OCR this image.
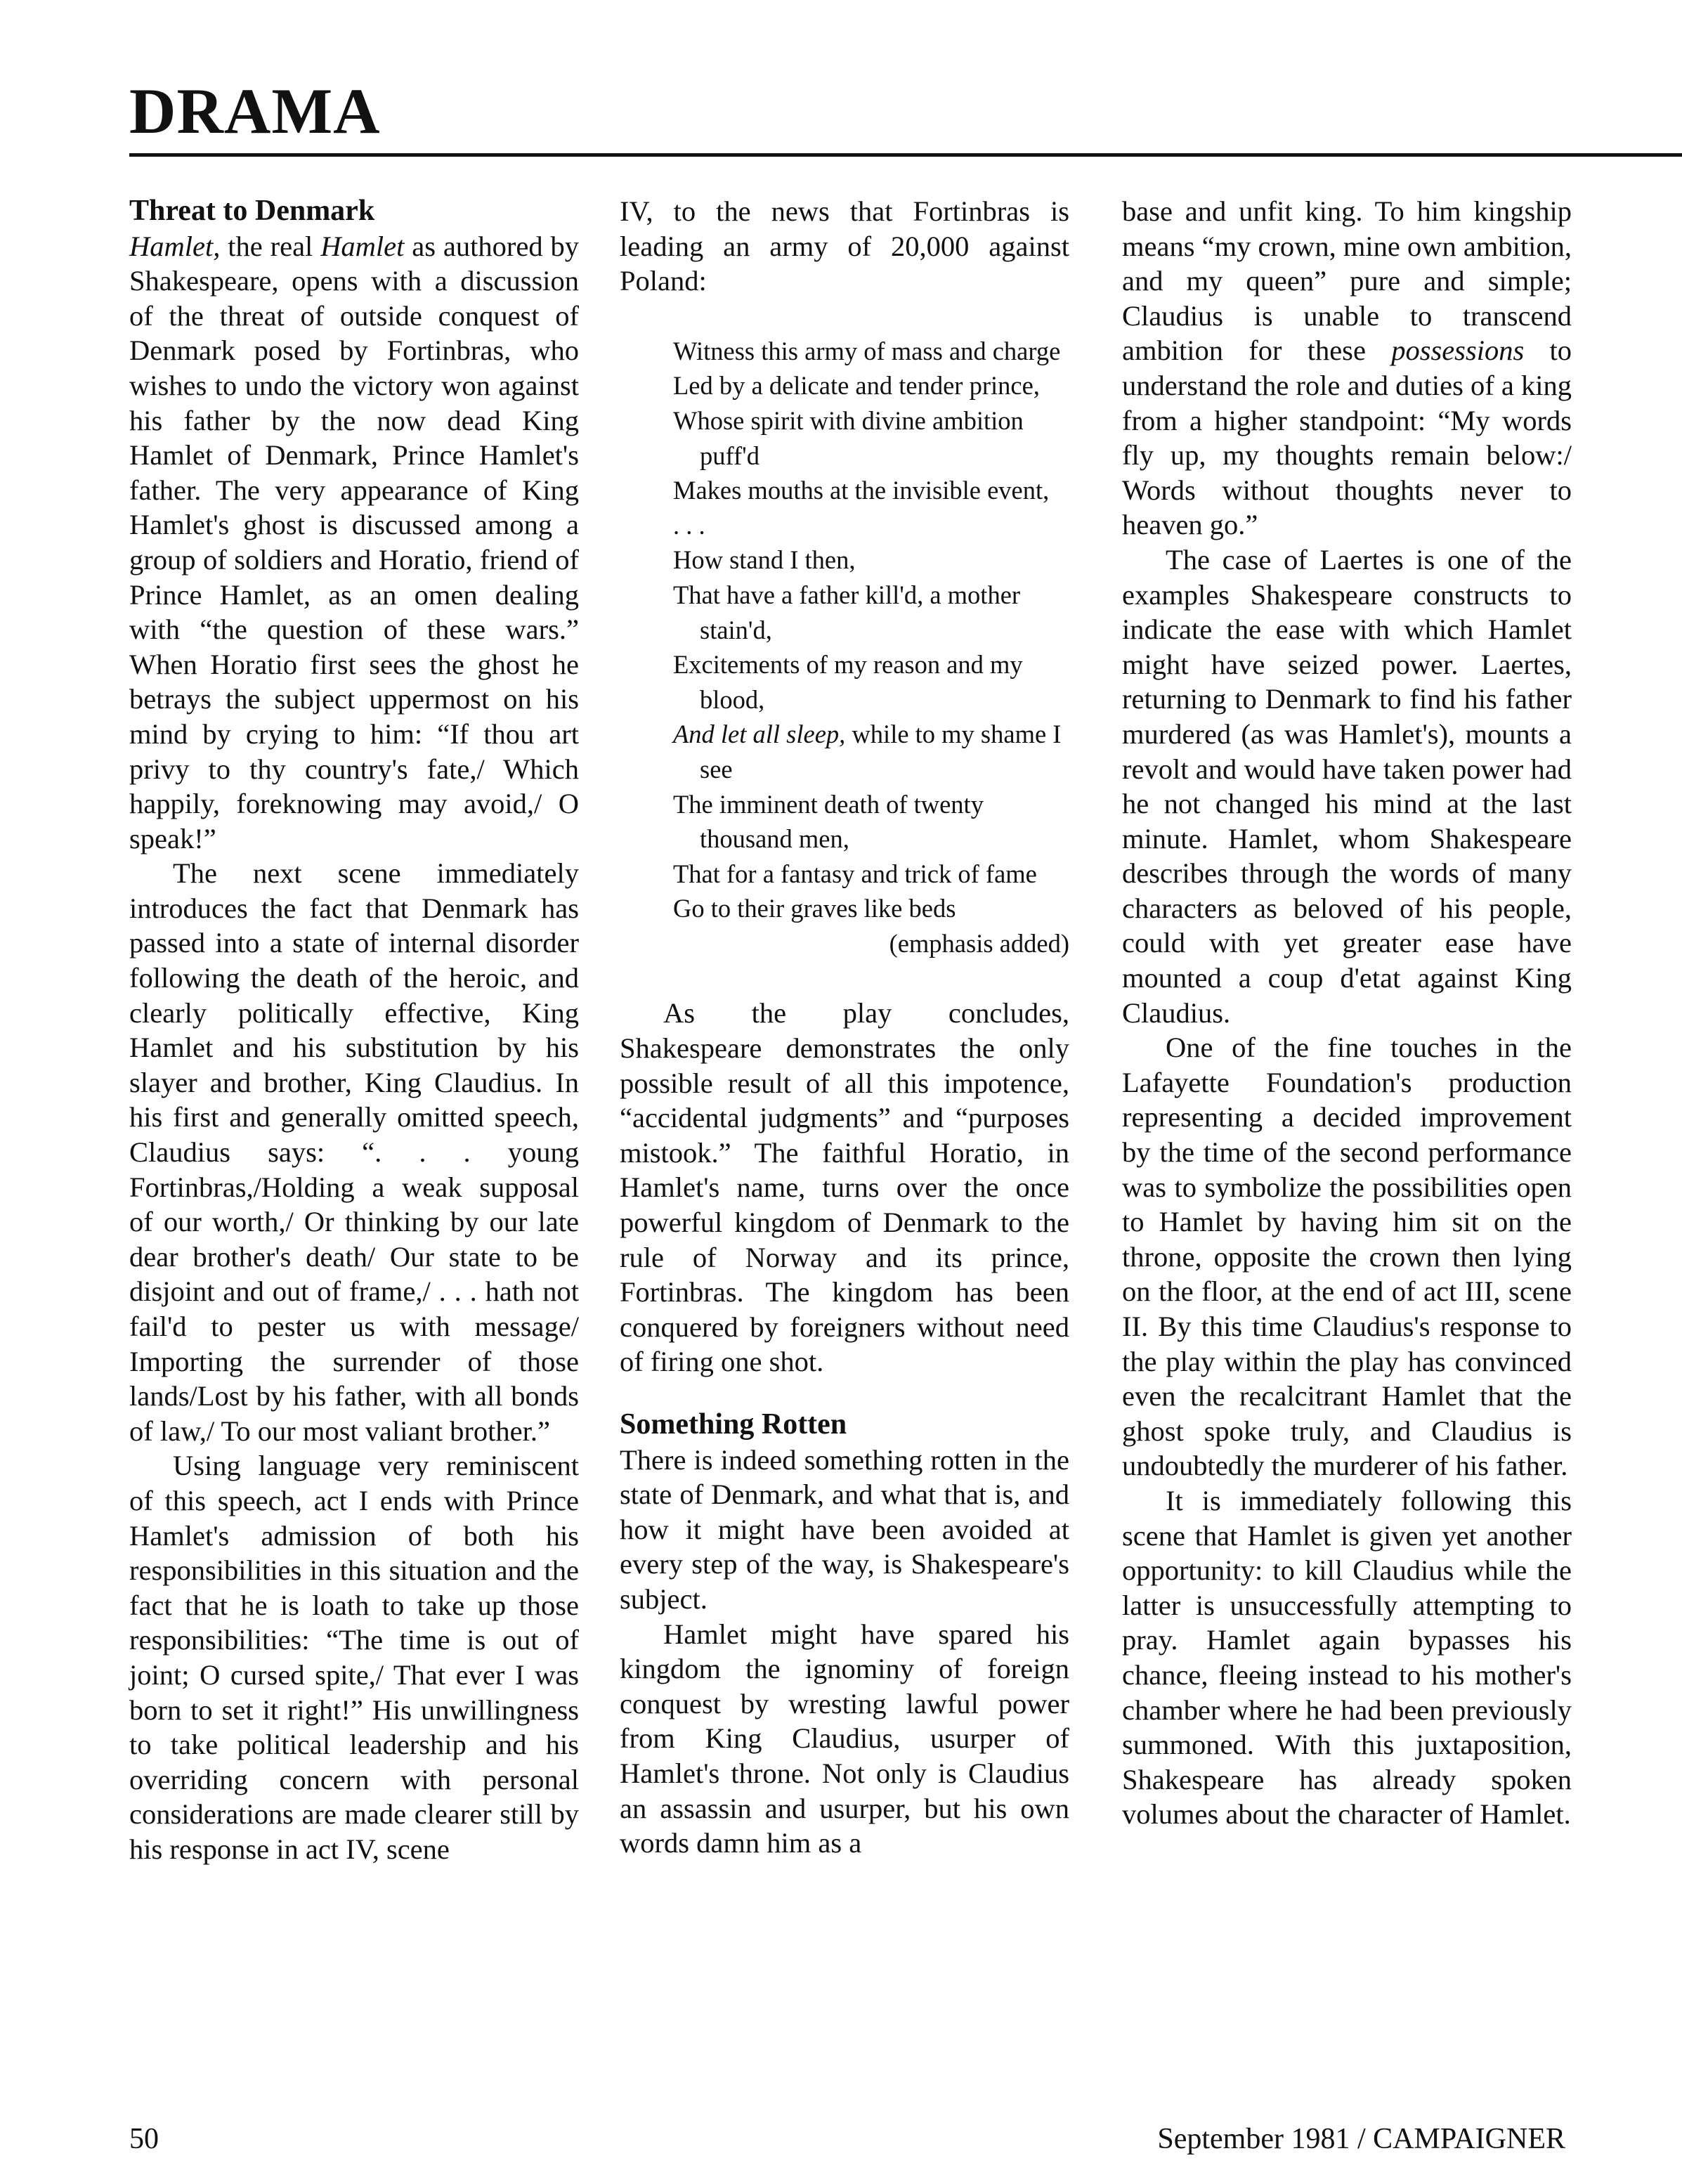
DRAMA

Threat to Denmark

Hamlet, the real Hamlet as authored by Shakespeare, opens with a discussion of the threat of outside conquest of Denmark posed by Fortinbras, who wishes to undo the victory won against his father by the now dead King Hamlet of Denmark, Prince Hamlet's father. The very appearance of King Hamlet's ghost is discussed among a group of soldiers and Horatio, friend of Prince Hamlet, as an omen dealing with “the question of these wars.” When Horatio first sees the ghost he betrays the subject uppermost on his mind by crying to him: “If thou art privy to thy country's fate,/ Which happily, foreknowing may avoid,/ O speak!”

The next scene immediately introduces the fact that Denmark has passed into a state of internal disorder following the death of the heroic, and clearly politically effective, King Hamlet and his substitution by his slayer and brother, King Claudius. In his first and generally omitted speech, Claudius says: “. . . young Fortinbras,/Holding a weak supposal of our worth,/ Or thinking by our late dear brother's death/ Our state to be disjoint and out of frame,/ . . . hath not fail'd to pester us with message/ Importing the surrender of those lands/Lost by his father, with all bonds of law,/ To our most valiant brother.”

Using language very reminiscent of this speech, act I ends with Prince Hamlet's admission of both his responsibilities in this situation and the fact that he is loath to take up those responsibilities: “The time is out of joint; O cursed spite,/ That ever I was born to set it right!” His unwillingness to take political leadership and his overriding concern with personal considerations are made clearer still by his response in act IV, scene

IV, to the news that Fortinbras is leading an army of 20,000 against Poland:

Witness this army of mass and charge

Led by a delicate and tender prince,

Whose spirit with divine ambition puff'd

Makes mouths at the invisible event,

. . .

How stand I then,

That have a father kill'd, a mother stain'd,

Excitements of my reason and my blood,

And let all sleep, while to my shame I see

The imminent death of twenty thousand men,

That for a fantasy and trick of fame

Go to their graves like beds

(emphasis added)

As the play concludes, Shakespeare demonstrates the only possible result of all this impotence, “accidental judgments” and “purposes mistook.” The faithful Horatio, in Hamlet's name, turns over the once powerful kingdom of Denmark to the rule of Norway and its prince, Fortinbras. The kingdom has been conquered by foreigners without need of firing one shot.

Something Rotten

There is indeed something rotten in the state of Denmark, and what that is, and how it might have been avoided at every step of the way, is Shakespeare's subject.

Hamlet might have spared his kingdom the ignominy of foreign conquest by wresting lawful power from King Claudius, usurper of Hamlet's throne. Not only is Claudius an assassin and usurper, but his own words damn him as a

base and unfit king. To him kingship means “my crown, mine own ambition, and my queen” pure and simple; Claudius is unable to transcend ambition for these possessions to understand the role and duties of a king from a higher standpoint: “My words fly up, my thoughts remain below:/ Words without thoughts never to heaven go.”

The case of Laertes is one of the examples Shakespeare constructs to indicate the ease with which Hamlet might have seized power. Laertes, returning to Denmark to find his father murdered (as was Hamlet's), mounts a revolt and would have taken power had he not changed his mind at the last minute. Hamlet, whom Shakespeare describes through the words of many characters as beloved of his people, could with yet greater ease have mounted a coup d'etat against King Claudius.

One of the fine touches in the Lafayette Foundation's production representing a decided improvement by the time of the second performance was to symbolize the possibilities open to Hamlet by having him sit on the throne, opposite the crown then lying on the floor, at the end of act III, scene II. By this time Claudius's response to the play within the play has convinced even the recalcitrant Hamlet that the ghost spoke truly, and Claudius is undoubtedly the murderer of his father.

It is immediately following this scene that Hamlet is given yet another opportunity: to kill Claudius while the latter is unsuccessfully attempting to pray. Hamlet again bypasses his chance, fleeing instead to his mother's chamber where he had been previously summoned. With this juxtaposition, Shakespeare has already spoken volumes about the character of Hamlet.

50	September 1981 / CAMPAIGNER
